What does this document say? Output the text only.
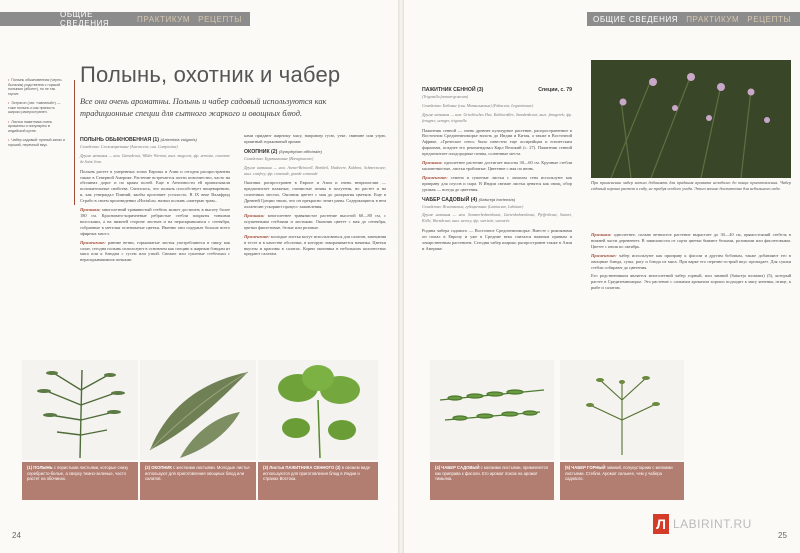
ОБЩИЕ СВЕДЕНИЯ	ПРАКТИКУМ РЕЦЕПТЫ
• Полынь обыкновенная (черно-быльник) родственна с горькой полынью (абсент), но не так горчит.
• Эстрагон (лат. «змеиный») — тоже полынь и как пряность широко распространен.
• Листья пажитника очень ароматны и популярны в индийской кухне.
• Чабер садовый: пряный запах и горький, перечный вкус.
Полынь, охотник и чабер
Все они очень ароматны. Полынь и чабер садовый используются как традиционные специи для сытного жаркого и овощных блюд.
ПОЛЫНЬ ОБЫКНОВЕННАЯ (1) (Artemisia vulgaris)

Семейство: Сложноцветные (Asteraceae, син. Compositae)

Другие названия — нем. Gänsekraut, Wilder Wermut, англ. mugwort, фр. armoise, couronne de Saint Jean.

Полынь растет в умеренных зонах Европы и Азии и сегодня распространена также в Северной Америке. Растение встречается почти повсеместно, часто на обочинах дорог и по краям полей. Еще в Античности ей приписывали положительные свойства. Считалось, что полынь способствует пищеварению, и, как утверждал Плиний, якобы прогоняет усталость. В IX веке Валафрид Страбо в своем произведении «Hortulus» назвал полынь «матерью трав».

Признаки: многолетний травянистый стебель может достигать в высоту более 180 см. Красновато-коричневые ребристые стебли покрыты тонкими волосками, а на нижней стороне листьев и на нераскрывшихся с сентября, собранные в метелки зеленоватые цветки. Именно они содержат больше всего эфирных масел.

Применение: ранние ветви, горьковатые листья употребляются в пищу как салат, сегодня полынь используют в основном как специю к жирным блюдам из мяса или к блюдам с гусем или уткой. Свежие или сушеные стебельки с нераскрывшимися почками

ками придают жирному мясу, например гусю, утке, свинине или угрю, приятный горьковатый аромат.

ОКОПНИК (2) (Symphytum officinale)

Семейство: Бурачниковые (Boraginaceae)

Другие названия — нем. Arznei-Beinwell, Beinheil, Hasbeere, Kuhbrot, Schmerzwurz; англ. comfrey; фр. consoude, grande consoude

Окопник распространен в Европе и Азии и очень неприхотлив — предпочитает влажные, глинистые почвы в полутени, но растет и на солнечных местах. Окопник цветет с мая до раскрытия цветков. Еще в Древней Греции знали, что он прекрасно лечит раны. Содержащиеся в нем аллантоин ускоряют процесс заживления.

Признаки: многолетнее травянистое растение высотой 60—80 см, с опушенными стеблями и листьями. Окопник цветет с мая до сентября, цветки фиолетовые, белые или розовые.

Применение: молодые листья могут использоваться для салатов, запекания в тесте и в качестве оболочки, в которую заворачивается начинка. Цветки вкусны и красивы в салатах. Корни окопника в небольших количествах придают салатам.

(1) ПОЛЫНЬ с перистыми листьями, которые снизу серебристо-белые, а сверху темно-зеленые, часто растет на обочинах.
(2) ОКОПНИК с жесткими листьями. Молодые листья используют для приготовления овощных блюд или салатов.
(3) Листья ПАЖИТНИКА СЕННОГО (3) в свежем виде используются для приготовления блюд в Индии и странах Востока.
24
ОБЩИЕ СВЕДЕНИЯ ПРАКТИКУМ РЕЦЕПТЫ
ПАЖИТНИК СЕННОЙ (3)	Специи, с. 79

(Trigonella foenum-graecum)

Семейство: Бобовые (син. Мотыльковые) (Fabaceae, Leguminosae)

Другие названия — нем. Griechisches Heu, Kuhhornklee, Stundenkraut; англ. fenugreek; фр. fenugrec, senegre, trigonelle.

Пажитник сенной — очень древнее культурное растение, распространенное в Восточном Средиземноморье вплоть до Индии и Китая, а также в Восточной Африке. «Греческое сено» было известно еще ассирийцам и египетским фараонам, позднее его рекомендовал Карл Великий (с. 27). Пажитник сенной предпочитает плодородные почвы, солнечные места.

Признаки: однолетнее растение достигает высоты 30—60 см. Крупные стебли маловетвистые, листья тройчатые. Цветение с мая по июнь.

Применение: семена и сушеные листья с запахом сена используют как приправу для соусов и сыра. В Индии свежие листья ценятся как овощ, обор урожая — всегда до цветения.

ЧАБЕР САДОВЫЙ (4) (Satureja hortensis)

Семейство: Яснотковые, губоцветные (Lamiaceae, Labiatae)

Другие названия — нем. Sommerbohnenkraut, Gartenbohnenkraut, Pfefferkraut, Saturei, Kölle, Wurstkraut; англ. savory; фр. sarriette, savourée.

Родина чабера садового — Восточное Средиземноморье. Вместе с римлянами он попал в Европу и уже в Средние века считался важным пряным и лекарственным растением. Сегодня чабер широко распространен также в Азии и Америке.

При применении чабер важно добавлять для придания аромата незадолго до конца приготовления. Чабер садовый хорошо растет в саду, не требуя особого ухода. Этого вполне достаточно для небольшого сада.

Признаки: однолетнее, сильно ветвистое растение вырастает до 30—40 см, прямостоячий стебель в нижней части деревенеет. В зависимости от сорта цветки бывают белыми, розовыми или фиолетовыми. Цветет с июля по октябрь.

Применение: чабер используют как приправу к фасоли и другим бобовым, также добавляют его в овощные блюда, супы, рагу и блюда из мяса. При варке его перечно-острый вкус пропадает. Для сушки стебли собирают до цветения.

Его родственником является многолетний чабер горный, или зимний (Satureja montana) (5), который растет в Средиземноморье. Это растение с сильным ароматом хорошо подходит к мясу ягненка, птице, к рыбе и салатам.

(4) ЧАБЕР САДОВЫЙ с мелкими листьями, применяется как приправа к фасоли. Его аромат похож на аромат тимьяна.
(5) ЧАБЕР ГОРНЫЙ зимний, полукустарник с мелкими листьями. Стебли. Аромат сильнее, чем у чабера садового.
25
Л LABIRINT.RU
